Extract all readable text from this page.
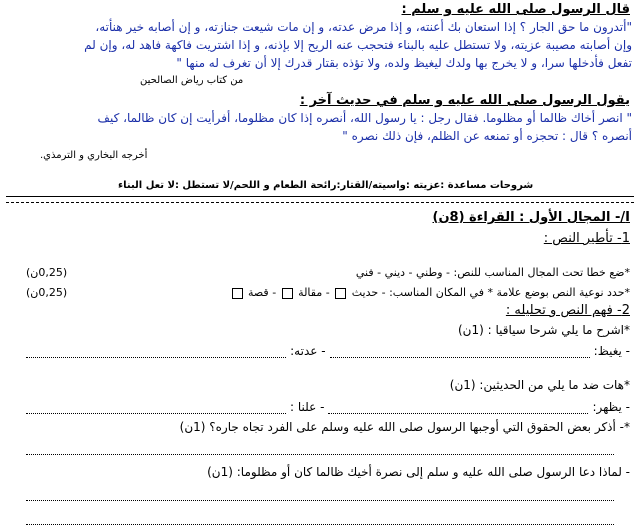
قال الرسول صلى الله عليه و سلم :
"أتدرون ما حق الجار ؟ إذا استعان بك أعنته، و إذا مرض عدته، و إن مات شيعت جنازته، و إن أصابه خير هنأته،
وإن أصابته مصيبة عزيته، ولا تستطل عليه بالبناء فتحجب عنه الريح إلا بإذنه، و إذا اشتريت فاكهة فاهد له، وإن لم
تفعل فأدخلها سرا، و لا يخرج بها ولدك ليغيظ ولده، ولا تؤذه بقتار قدرك إلا أن تغرف له منها "
من كتاب رياض الصالحين
يقول الرسول صلى الله عليه و سلم في حديث آخر :
" انصر أخاك ظالما أو مظلوما. فقال رجل : يا رسول الله، أنصره إذا كان مظلوما، أفرأيت إن كان ظالما، كيف
أنصره ؟ قال : تحجزه أو تمنعه عن الظلم، فإن ذلك نصره "
أخرجه البخاري و الترمذي.
شروحات مساعدة :عزيته :واسيته/القتار:رائحة الطعام و اللحم/لا تستطل :لا تعل البناء
I/- المجال الأول : القراءة (8ن)
1- تأطير النص :
*ضع خطا تحت المجال المناسب للنص: - وطني - ديني - فني
(0,25ن)
*حدد نوعية النص بوضع علامة * في المكان المناسب: - حديث  - مقالة  - قصة
(0,25ن)
2- فهم النص و تحليله :
*اشرح ما يلي شرحا سياقيا : (1ن)
- يغيظ:
- عدته:
*هات ضد ما يلي من الحديثين: (1ن)
- يظهر:
- علنا :
*- أذكر بعض الحقوق التي أوجبها الرسول صلى الله عليه وسلم على الفرد تجاه جاره؟ (1ن)
- لماذا دعا الرسول صلى الله عليه و سلم إلى نصرة أخيك ظالما كان أو مظلوما: (1ن)
